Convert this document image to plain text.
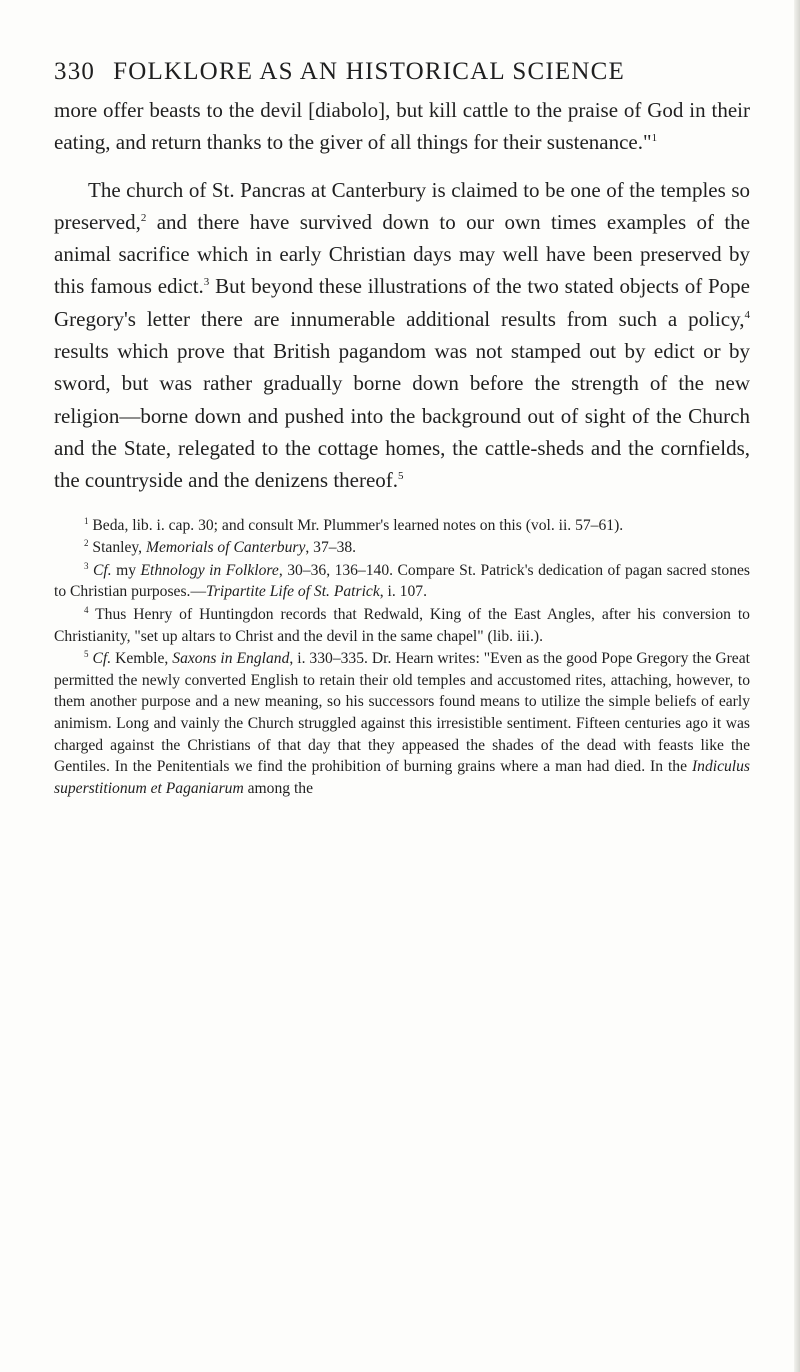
330 FOLKLORE AS AN HISTORICAL SCIENCE

more offer beasts to the devil [diabolo], but kill cattle to the praise of God in their eating, and return thanks to the giver of all things for their sustenance."$^1$

The church of St. Pancras at Canterbury is claimed to be one of the temples so preserved,$^2$ and there have survived down to our own times examples of the animal sacrifice which in early Christian days may well have been preserved by this famous edict.$^3$ But beyond these illustrations of the two stated objects of Pope Gregory's letter there are innumerable additional results from such a policy,$^4$ results which prove that British pagandom was not stamped out by edict or by sword, but was rather gradually borne down before the strength of the new religion—borne down and pushed into the background out of sight of the Church and the State, relegated to the cottage homes, the cattle-sheds and the cornfields, the countryside and the denizens thereof.$^5$

$^1$ Beda, lib. i. cap. 30; and consult Mr. Plummer's learned notes on this (vol. ii. 57–61).

$^2$ Stanley, Memorials of Canterbury, 37–38.

$^3$ Cf. my Ethnology in Folklore, 30–36, 136–140. Compare St. Patrick's dedication of pagan sacred stones to Christian purposes.—Tripartite Life of St. Patrick, i. 107.

$^4$ Thus Henry of Huntingdon records that Redwald, King of the East Angles, after his conversion to Christianity, "set up altars to Christ and the devil in the same chapel" (lib. iii.).

$^5$ Cf. Kemble, Saxons in England, i. 330–335. Dr. Hearn writes: "Even as the good Pope Gregory the Great permitted the newly converted English to retain their old temples and accustomed rites, attaching, however, to them another purpose and a new meaning, so his successors found means to utilize the simple beliefs of early animism. Long and vainly the Church struggled against this irresistible sentiment. Fifteen centuries ago it was charged against the Christians of that day that they appeased the shades of the dead with feasts like the Gentiles. In the Penitentials we find the prohibition of burning grains where a man had died. In the Indiculus superstitionum et Paganiarum among the
